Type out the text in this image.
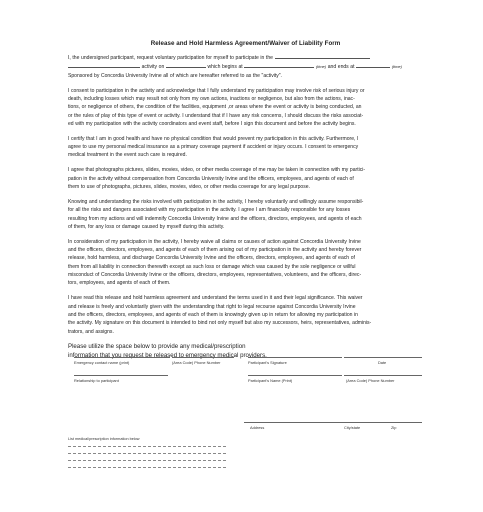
Release and Hold Harmless Agreement/Waiver of Liability Form
I, the undersigned participant, request voluntary participation for myself to participate in the
activity on	which begins at	(time) and ends at	(time)
Sponsored by Concordia University Irvine all of which are hereafter referred to as the "activity".
I consent to participation in the activity and acknowledge that I fully understand my participation may involve risk of serious injury or
death, including losses which may result not only from my own actions, inactions or negligence, but also from the actions, inac-
tions, or negligence of others, the condition of the facilities, equipment ,or areas where the event or activity is being conducted, an
or the rules of play of this type of event or activity. I understand that if I have any risk concerns, I should discuss the risks associat-
ed with my participation with the activity coordinators and event staff, before I sign this document and before the activity begins.
I certify that I am in good health and have no physical condition that would prevent my participation in this activity. Furthermore, I
agree to use my personal medical insurance as a primary coverage payment if accident or injury occurs. I consent to emergency
medical treatment in the event such care is required.
I agree that photographs pictures, slides, movies, video, or other media coverage of me may be taken in connection with my partici-
pation in the activity without compensation from Concordia University Irvine and the officers, employees, and agents of each of
them to use of photographs, pictures, slides, movies, video, or other media coverage for any legal purpose.
Knowing and understanding the risks involved with participation in the activity, I hereby voluntarily and willingly assume responsibil-
for all the risks and dangers associated with my participation in the activity. I agree I am financially responsible for any losses
resulting from my actions and will indemnify Concordia University Irvine and the officers, directors, employees, and agents of each
of them, for any loss or damage caused by myself during this activity.
In consideration of my participation in the activity, I hereby waive all claims or causes of action against Concordia University Irvine
and the officers, directors, employees, and agents of each of them arising out of my participation in the activity and hereby forever
release, hold harmless, and discharge Concordia University Irvine and the officers, directors, employees, and agents of each of
them from all liability in connection therewith except as such loss or damage which was caused by the sole negligence or willful
misconduct of Concordia University Irvine or the officers, directors, employees, representatives, volunteers, and the officers, direc-
tors, employees, and agents of each of them.
I have read this release and hold harmless agreement and understand the terms used in it and their legal significance. This waiver
and release is freely and voluntarily given with the understanding that right to legal recourse against Concordia University Irvine
and the officers, directors, employees, and agents of each of them is knowingly given up in return for allowing my participation in
the activity. My signature on this document is intended to bind not only myself but also my successors, heirs, representatives, adminis-
trators, and assigns.
Please utilize the space below to provide any medical/prescription
information that you request be released to emergency medical providers.
Emergency contact name (print)	(Area Code) Phone Number	Participant's Signature	Date
Relationship to participant	Participant's Name (Print)	(Area Code) Phone Number
Address	City/state	Zip
List medical/prescription information below
